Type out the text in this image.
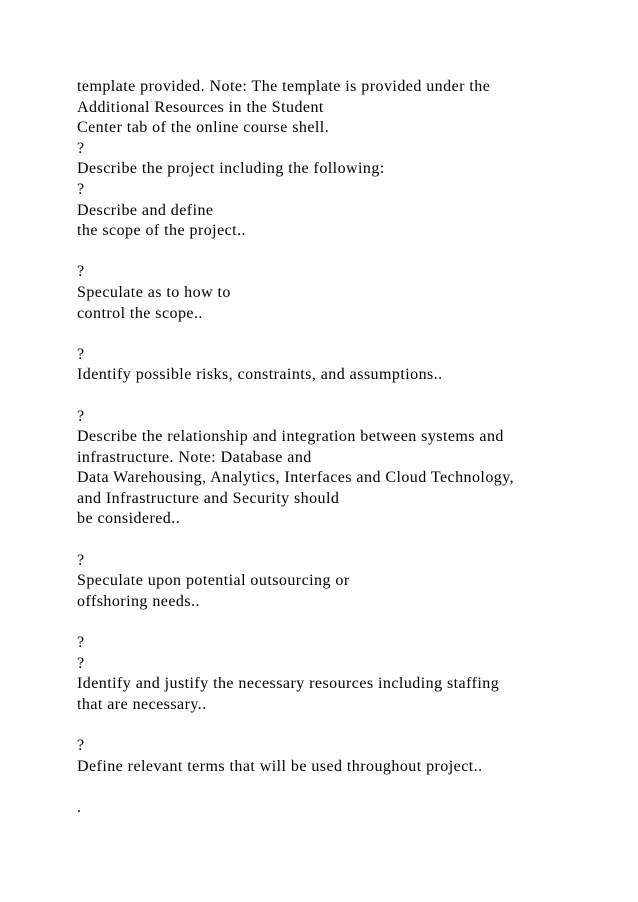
template provided. Note: The template is provided under the
Additional Resources in the Student
Center tab of the online course shell.
?
Describe the project including the following:
?
Describe and define
the scope of the project..
?
Speculate as to how to
control the scope..
?
Identify possible risks, constraints, and assumptions..
?
Describe the relationship and integration between systems and
infrastructure. Note: Database and
Data Warehousing, Analytics, Interfaces and Cloud Technology,
and Infrastructure and Security should
be considered..
?
Speculate upon potential outsourcing or
offshoring needs..
?
?
Identify and justify the necessary resources including staffing
that are necessary..
?
Define relevant terms that will be used throughout project..
.
